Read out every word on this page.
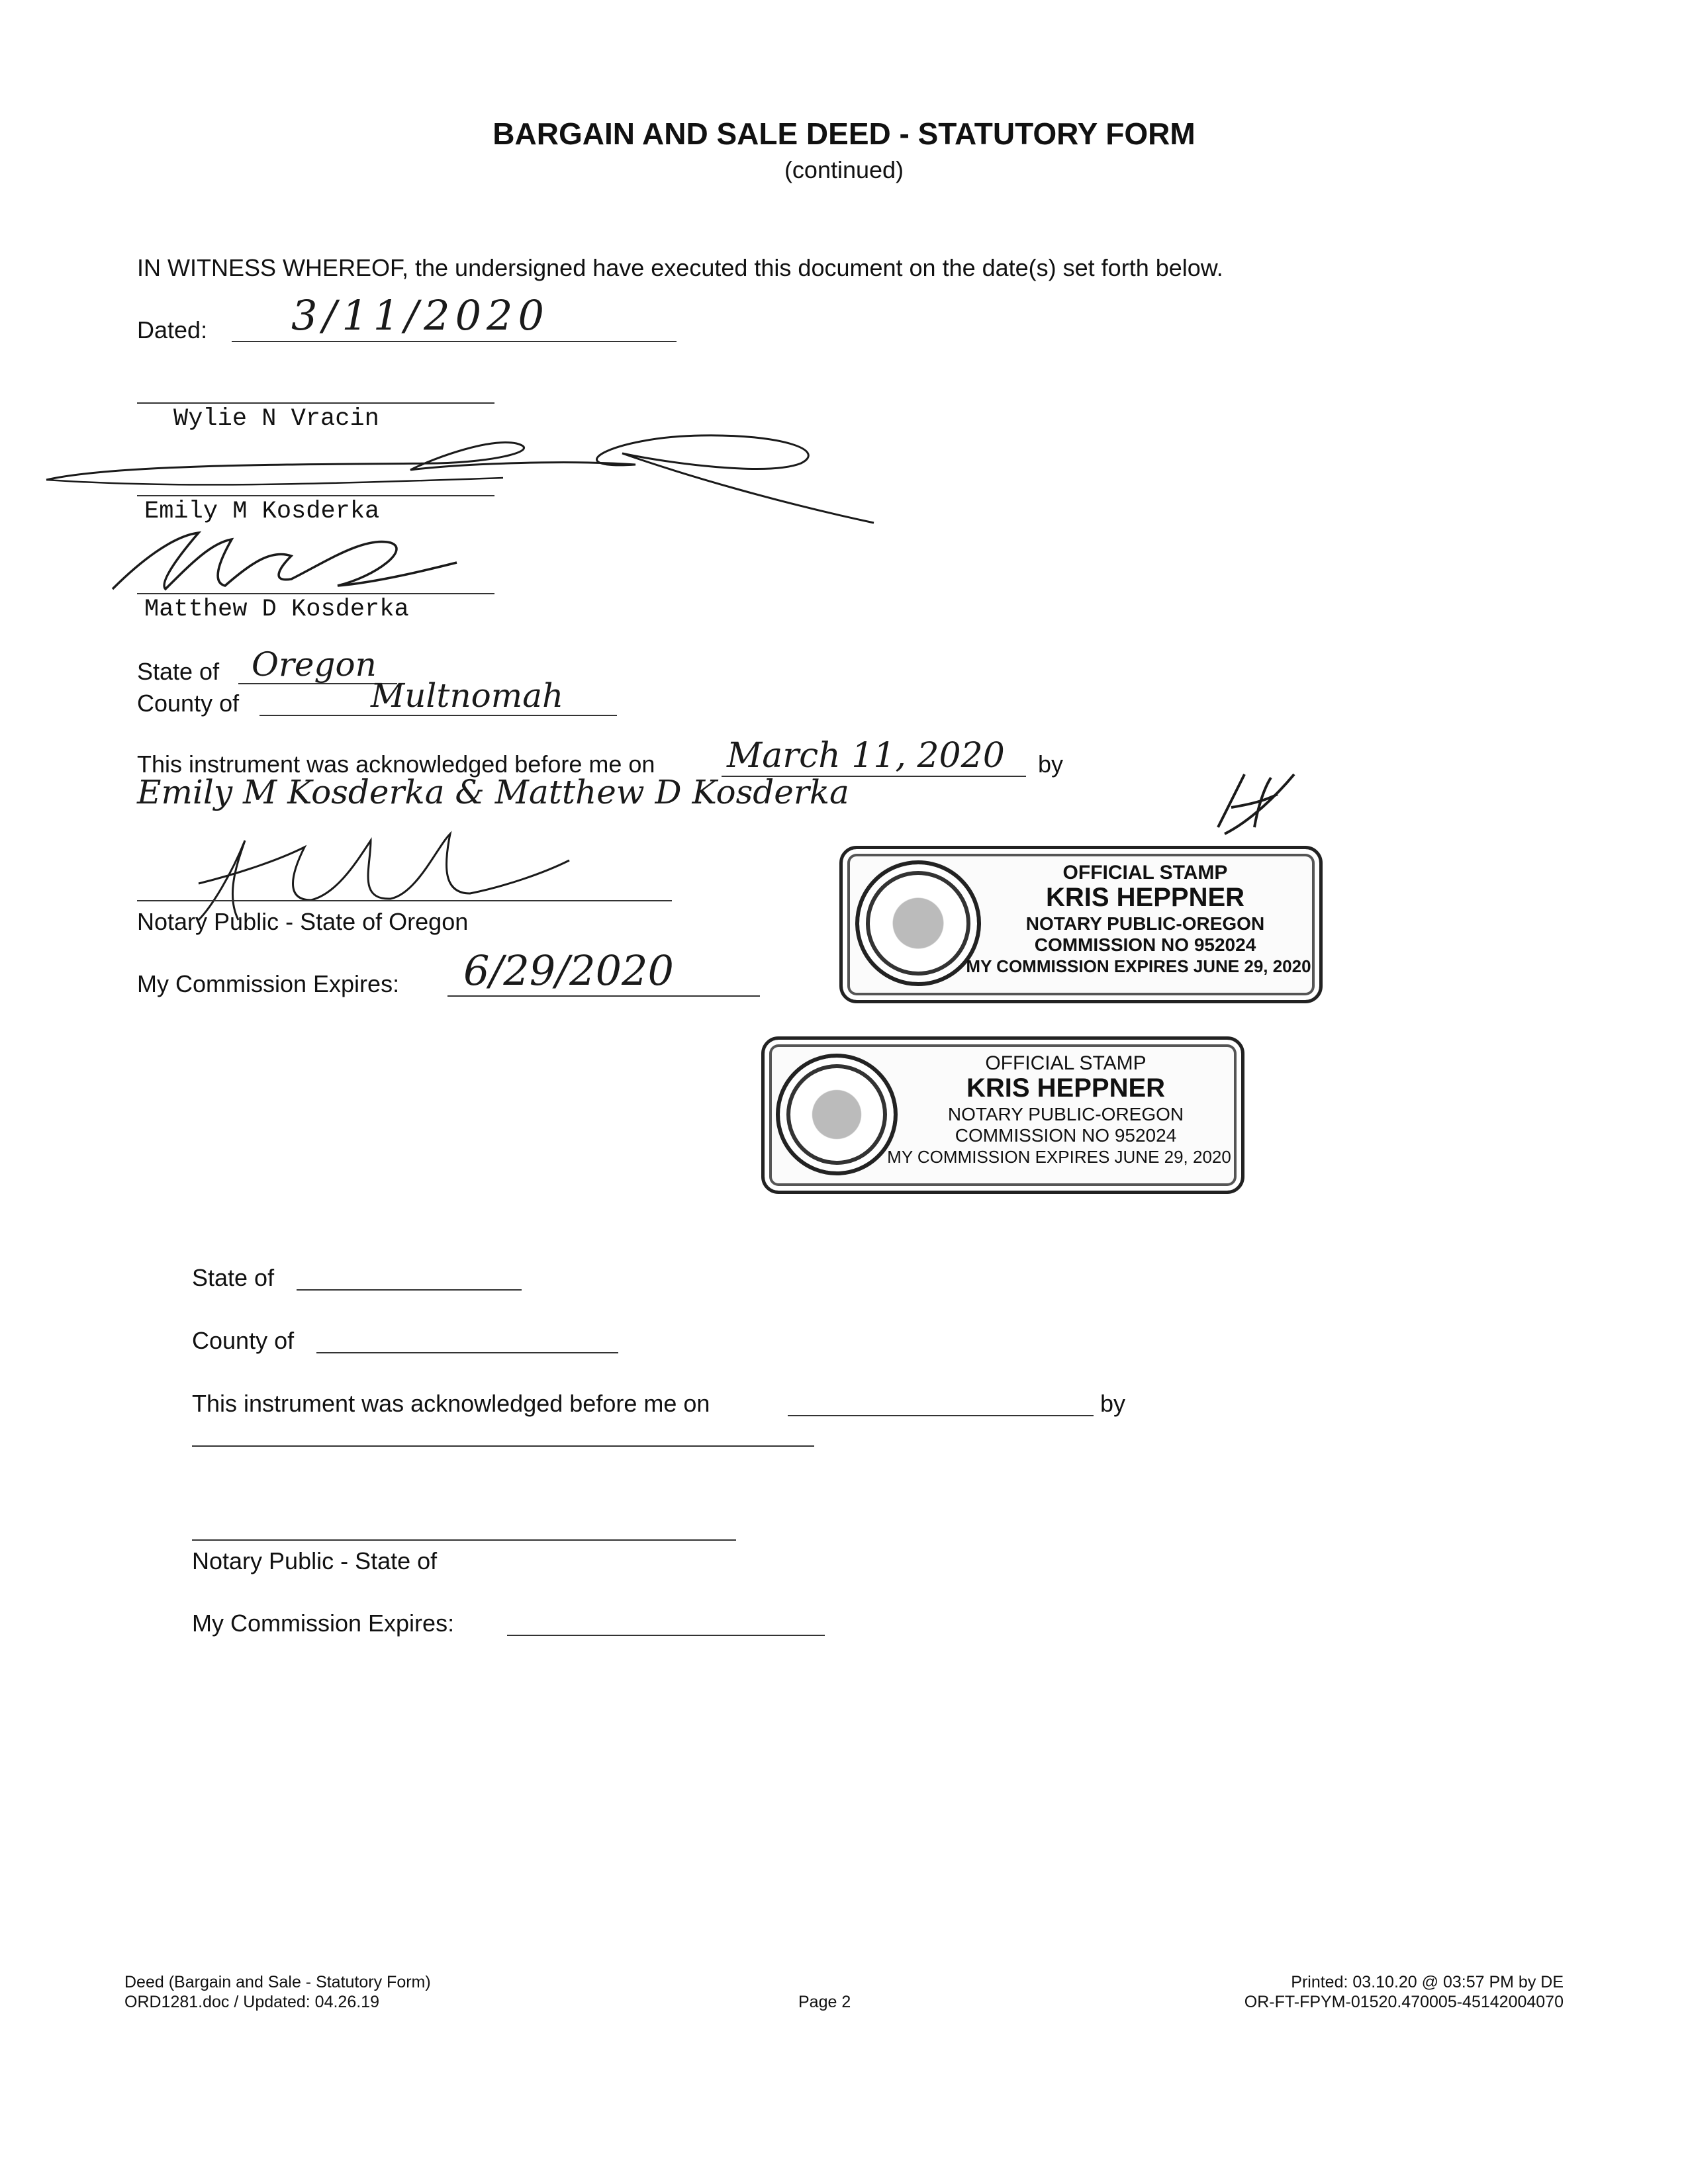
BARGAIN AND SALE DEED - STATUTORY FORM
(continued)
IN WITNESS WHEREOF, the undersigned have executed this document on the date(s) set forth below.
Dated: 3/11/2020
Wylie N Vracin
Emily M Kosderka
Matthew D Kosderka
State of Oregon
County of	Multnomah
This instrument was acknowledged before me on March 11, 2020 by
Emily M Kosderka & Matthew D Kosderka
Notary Public - State of Oregon
My Commission Expires: 6/29/2020
OFFICIAL STAMP
KRIS HEPPNER
NOTARY PUBLIC-OREGON
COMMISSION NO 952024
MY COMMISSION EXPIRES JUNE 29, 2020
OFFICIAL STAMP
KRIS HEPPNER
NOTARY PUBLIC-OREGON
COMMISSION NO 952024
MY COMMISSION EXPIRES JUNE 29, 2020
State of
County of
This instrument was acknowledged before me on	by
Notary Public - State of
My Commission Expires:
Deed (Bargain and Sale - Statutory Form)
ORD1281.doc / Updated: 04.26.19	Page 2
Printed: 03.10.20 @ 03:57 PM by DE
OR-FT-FPYM-01520.470005-45142004070
